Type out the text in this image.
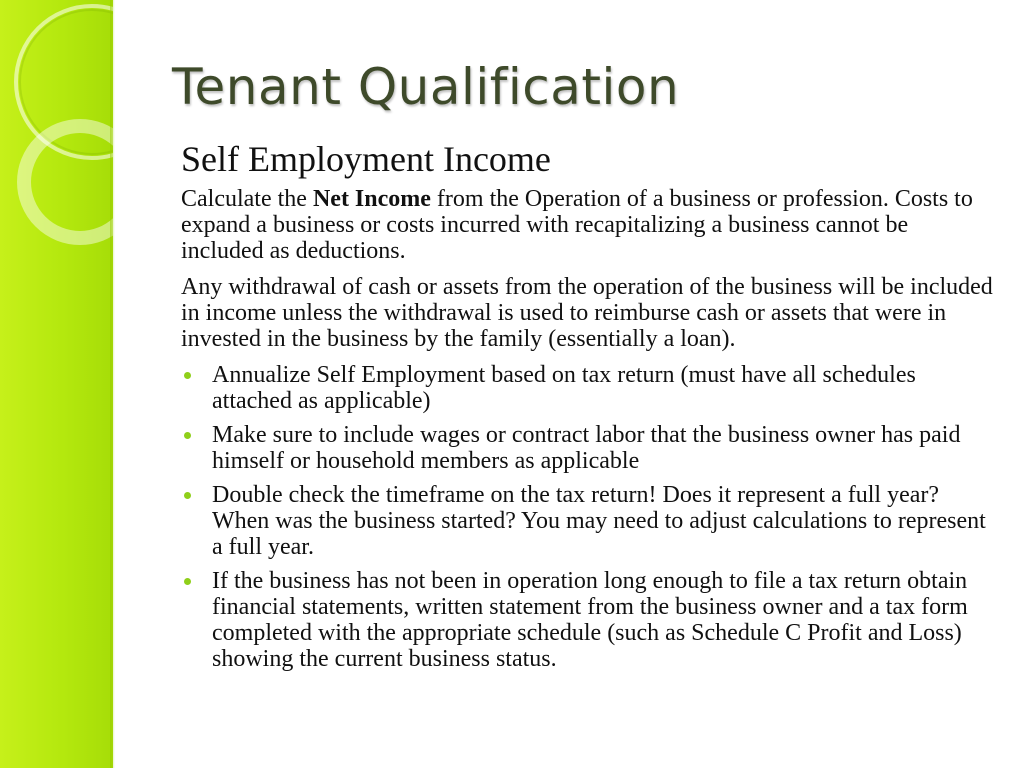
Tenant Qualification
Self Employment Income

Calculate the Net Income from the Operation of a business or profession. Costs to expand a business or costs incurred with recapitalizing a business cannot be included as deductions.

Any withdrawal of cash or assets from the operation of the business will be included in income unless the withdrawal is used to reimburse cash or assets that were in invested in the business by the family (essentially a loan).

Annualize Self Employment based on tax return (must have all schedules attached as applicable)
Make sure to include wages or contract labor that the business owner has paid himself or household members as applicable
Double check the timeframe on the tax return! Does it represent a full year? When was the business started? You may need to adjust calculations to represent a full year.
If the business has not been in operation long enough to file a tax return obtain financial statements, written statement from the business owner and a tax form completed with the appropriate schedule (such as Schedule C Profit and Loss) showing the current business status.
